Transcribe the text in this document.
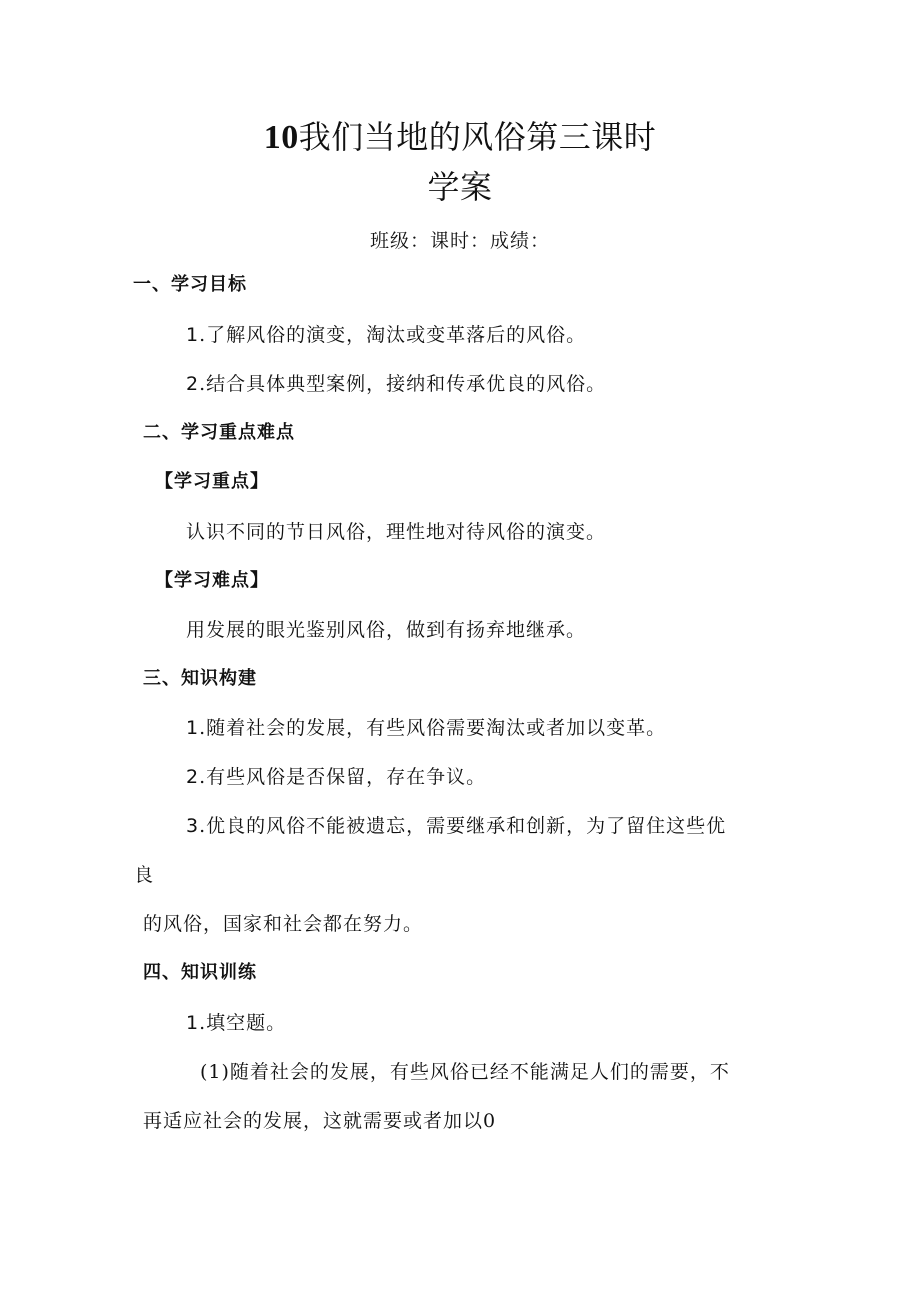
10我们当地的风俗第三课时
学案
班级：课时：成绩：
一、学习目标
1.了解风俗的演变，淘汰或变革落后的风俗。
2.结合具体典型案例，接纳和传承优良的风俗。
二、学习重点难点
【学习重点】
认识不同的节日风俗，理性地对待风俗的演变。
【学习难点】
用发展的眼光鉴别风俗，做到有扬弃地继承。
三、知识构建
1.随着社会的发展，有些风俗需要淘汰或者加以变革。
2.有些风俗是否保留，存在争议。
3.优良的风俗不能被遗忘，需要继承和创新，为了留住这些优
良
的风俗，国家和社会都在努力。
四、知识训练
1.填空题。
(1)随着社会的发展，有些风俗已经不能满足人们的需要，不
再适应社会的发展，这就需要或者加以0
